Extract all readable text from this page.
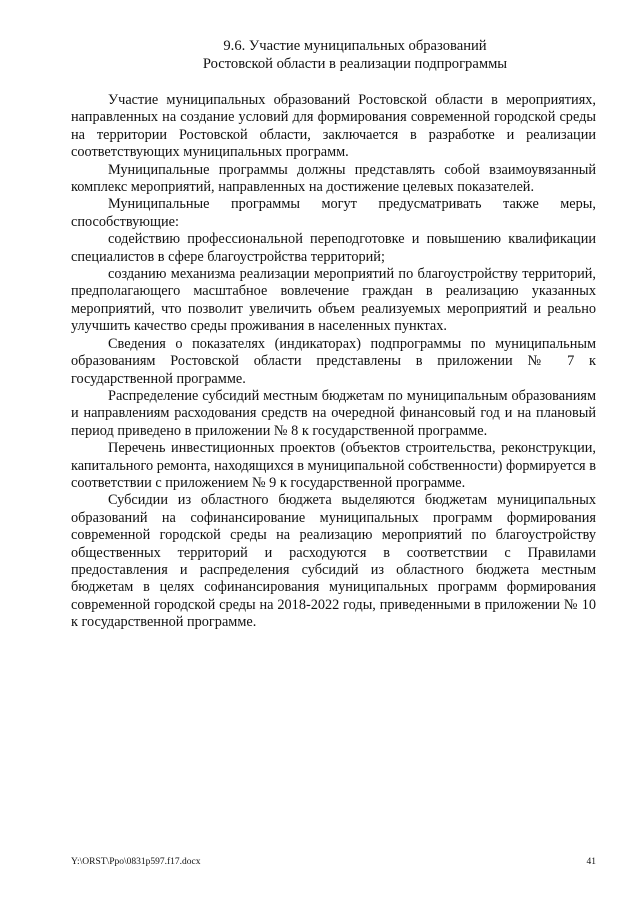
9.6. Участие муниципальных образований
Ростовской области в реализации подпрограммы

Участие муниципальных образований Ростовской области в мероприятиях, направленных на создание условий для формирования современной городской среды на территории Ростовской области, заключается в разработке и реализации соответствующих муниципальных программ.

Муниципальные программы должны представлять собой взаимоувязанный комплекс мероприятий, направленных на достижение целевых показателей.

Муниципальные программы могут предусматривать также меры, способствующие:

содействию профессиональной переподготовке и повышению квалификации специалистов в сфере благоустройства территорий;

созданию механизма реализации мероприятий по благоустройству территорий, предполагающего масштабное вовлечение граждан в реализацию указанных мероприятий, что позволит увеличить объем реализуемых мероприятий и реально улучшить качество среды проживания в населенных пунктах.

Сведения о показателях (индикаторах) подпрограммы по муниципальным образованиям Ростовской области представлены в приложении № 7 к государственной программе.

Распределение субсидий местным бюджетам по муниципальным образованиям и направлениям расходования средств на очередной финансовый год и на плановый период приведено в приложении № 8 к государственной программе.

Перечень инвестиционных проектов (объектов строительства, реконструкции, капитального ремонта, находящихся в муниципальной собственности) формируется в соответствии с приложением № 9 к государственной программе.

Субсидии из областного бюджета выделяются бюджетам муниципальных образований на софинансирование муниципальных программ формирования современной городской среды на реализацию мероприятий по благоустройству общественных территорий и расходуются в соответствии с Правилами предоставления и распределения субсидий из областного бюджета местным бюджетам в целях софинансирования муниципальных программ формирования современной городской среды на 2018-2022 годы, приведенными в приложении № 10 к государственной программе.

Y:\ORST\Ppo\0831p597.f17.docx	41
